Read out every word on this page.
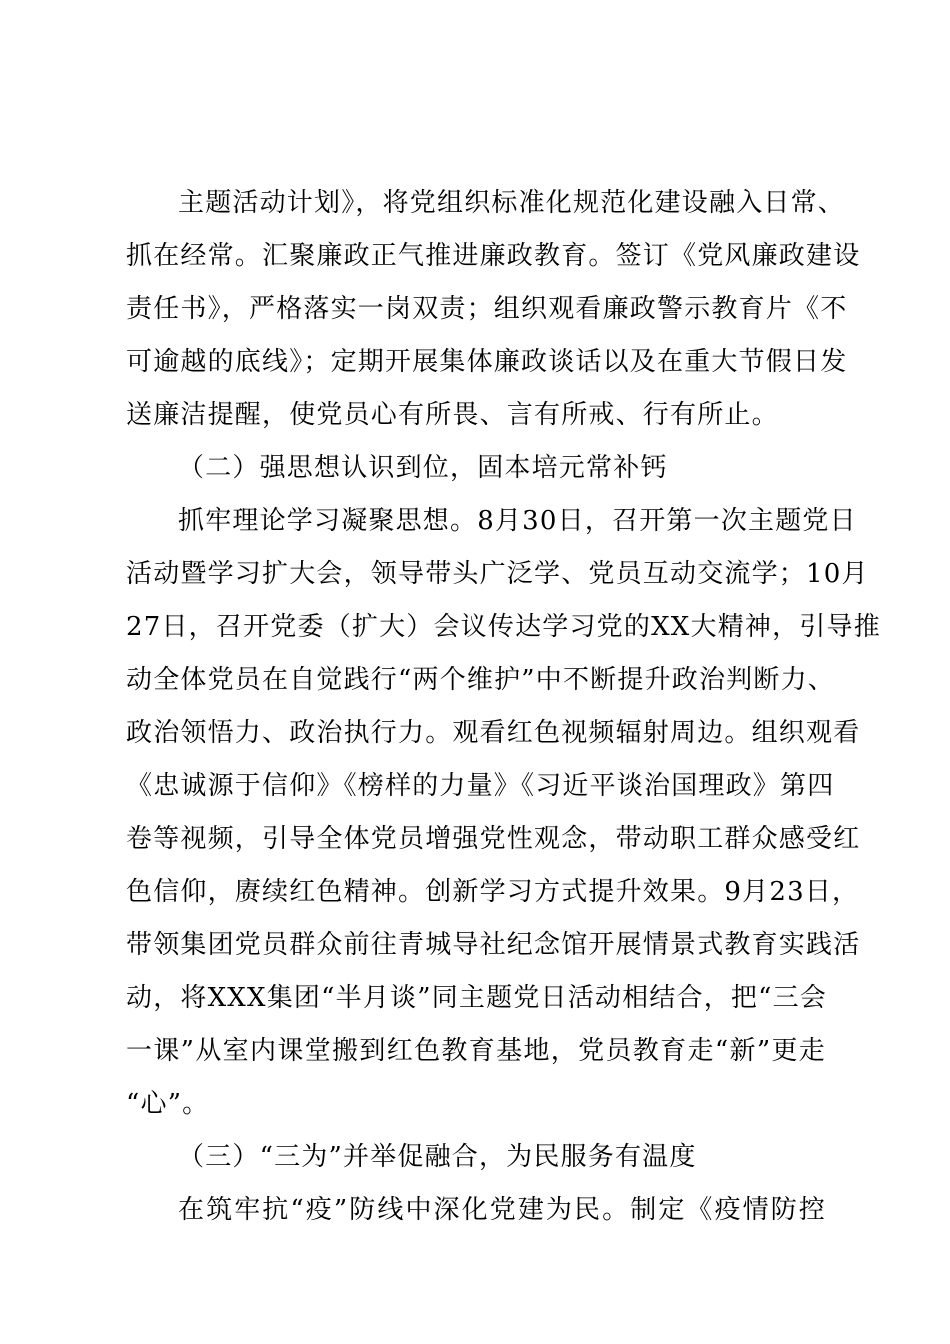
主题活动计划》，将党组织标准化规范化建设融入日常、
抓在经常。汇聚廉政正气推进廉政教育。签订《党风廉政建设
责任书》，严格落实一岗双责；组织观看廉政警示教育片《不
可逾越的底线》；定期开展集体廉政谈话以及在重大节假日发
送廉洁提醒，使党员心有所畏、言有所戒、行有所止。
（二）强思想认识到位，固本培元常补钙
抓牢理论学习凝聚思想。8月30日，召开第一次主题党日
活动暨学习扩大会，领导带头广泛学、党员互动交流学；10月
27日，召开党委（扩大）会议传达学习党的XX大精神，引导推
动全体党员在自觉践行“两个维护”中不断提升政治判断力、
政治领悟力、政治执行力。观看红色视频辐射周边。组织观看
《忠诚源于信仰》《榜样的力量》《习近平谈治国理政》第四
卷等视频，引导全体党员增强党性观念，带动职工群众感受红
色信仰，赓续红色精神。创新学习方式提升效果。9月23日，
带领集团党员群众前往青城导社纪念馆开展情景式教育实践活
动，将XXX集团“半月谈”同主题党日活动相结合，把“三会
一课”从室内课堂搬到红色教育基地，党员教育走“新”更走
“心”。
（三）“三为”并举促融合，为民服务有温度
在筑牢抗“疫”防线中深化党建为民。制定《疫情防控
